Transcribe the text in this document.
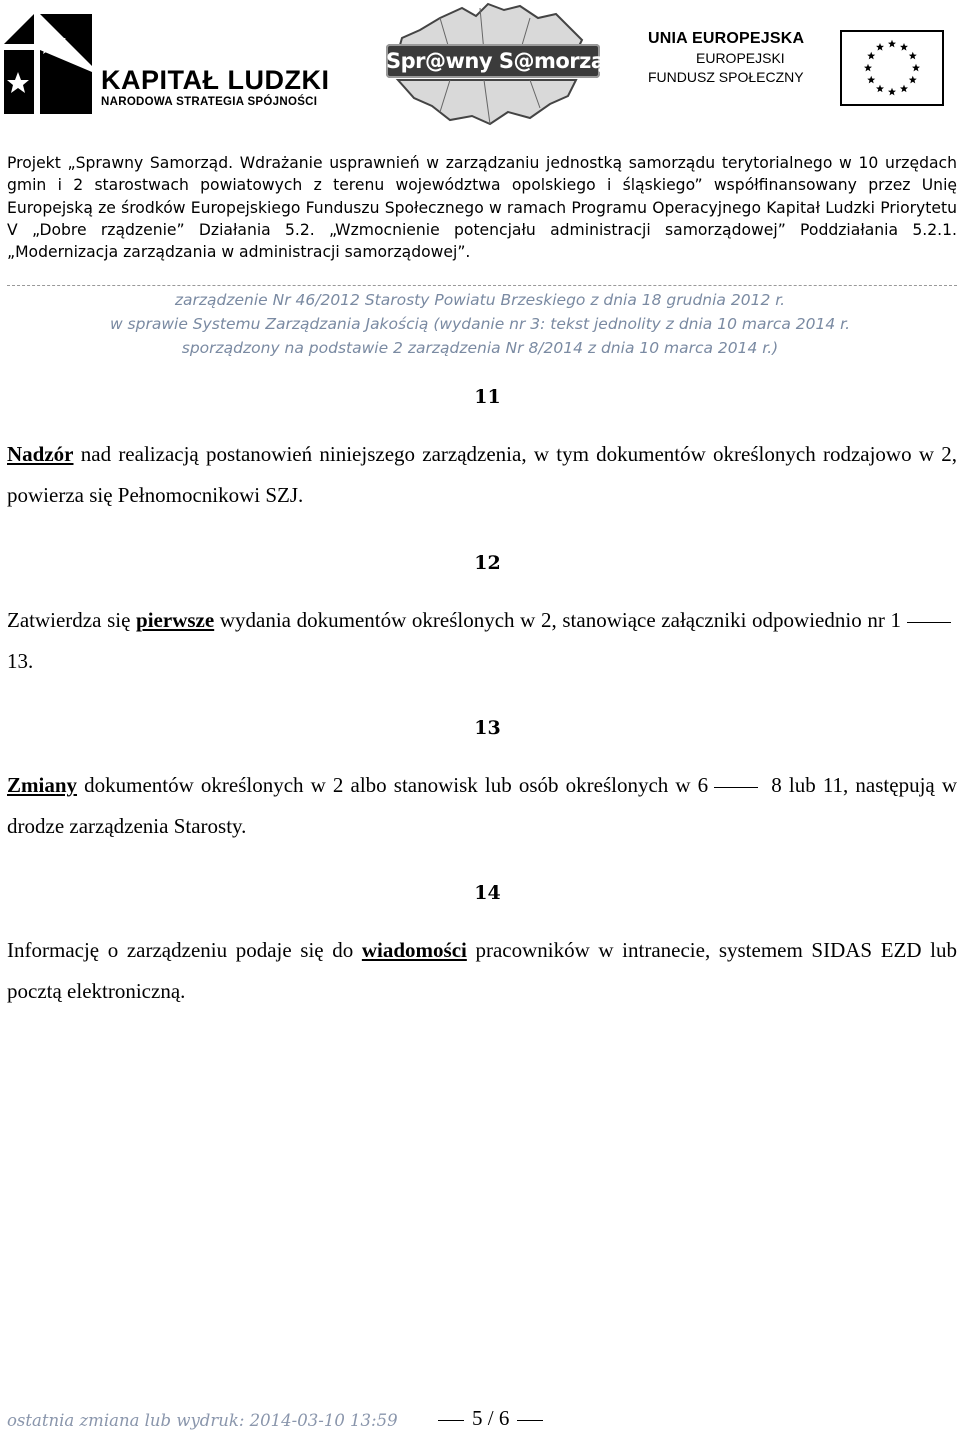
KAPITAŁ LUDZKI
NARODOWA STRATEGIA SPÓJNOŚCI
Spr@wny S@morząd
UNIA EUROPEJSKA
EUROPEJSKI
FUNDUSZ SPOŁECZNY
Projekt „Sprawny Samorząd. Wdrażanie usprawnień w zarządzaniu jednostką samorządu terytorialnego w 10 urzędach gmin i 2 starostwach powiatowych z terenu województwa opolskiego i śląskiego” współfinansowany przez Unię Europejską ze środków Europejskiego Funduszu Społecznego w ramach Programu Operacyjnego Kapitał Ludzki Priorytetu V „Dobre rządzenie” Działania 5.2. „Wzmocnienie potencjału administracji samorządowej” Poddziałania 5.2.1. „Modernizacja zarządzania w administracji samorządowej”.
zarządzenie Nr 46/2012 Starosty Powiatu Brzeskiego z dnia 18 grudnia 2012 r.
w sprawie Systemu Zarządzania Jakością (wydanie nr 3: tekst jednolity z dnia 10 marca 2014 r.
sporządzony na podstawie 2 zarządzenia Nr 8/2014 z dnia 10 marca 2014 r.)
11
Nadzór nad realizacją postanowień niniejszego zarządzenia, w tym dokumentów określonych rodzajowo w 2, powierza się Pełnomocnikowi SZJ.
12
Zatwierdza się pierwsze wydania dokumentów określonych w 2, stanowiące załączniki odpowiednio nr 113.
13
Zmiany dokumentów określonych w 2 albo stanowisk lub osób określonych w 6	8 lub 11, następują w drodze zarządzenia Starosty.
14
Informację o zarządzeniu podaje się do wiadomości pracowników w intranecie, systemem SIDAS EZD lub pocztą elektroniczną.
ostatnia zmiana lub wydruk: 2014-03-10 13:59	5 / 6
